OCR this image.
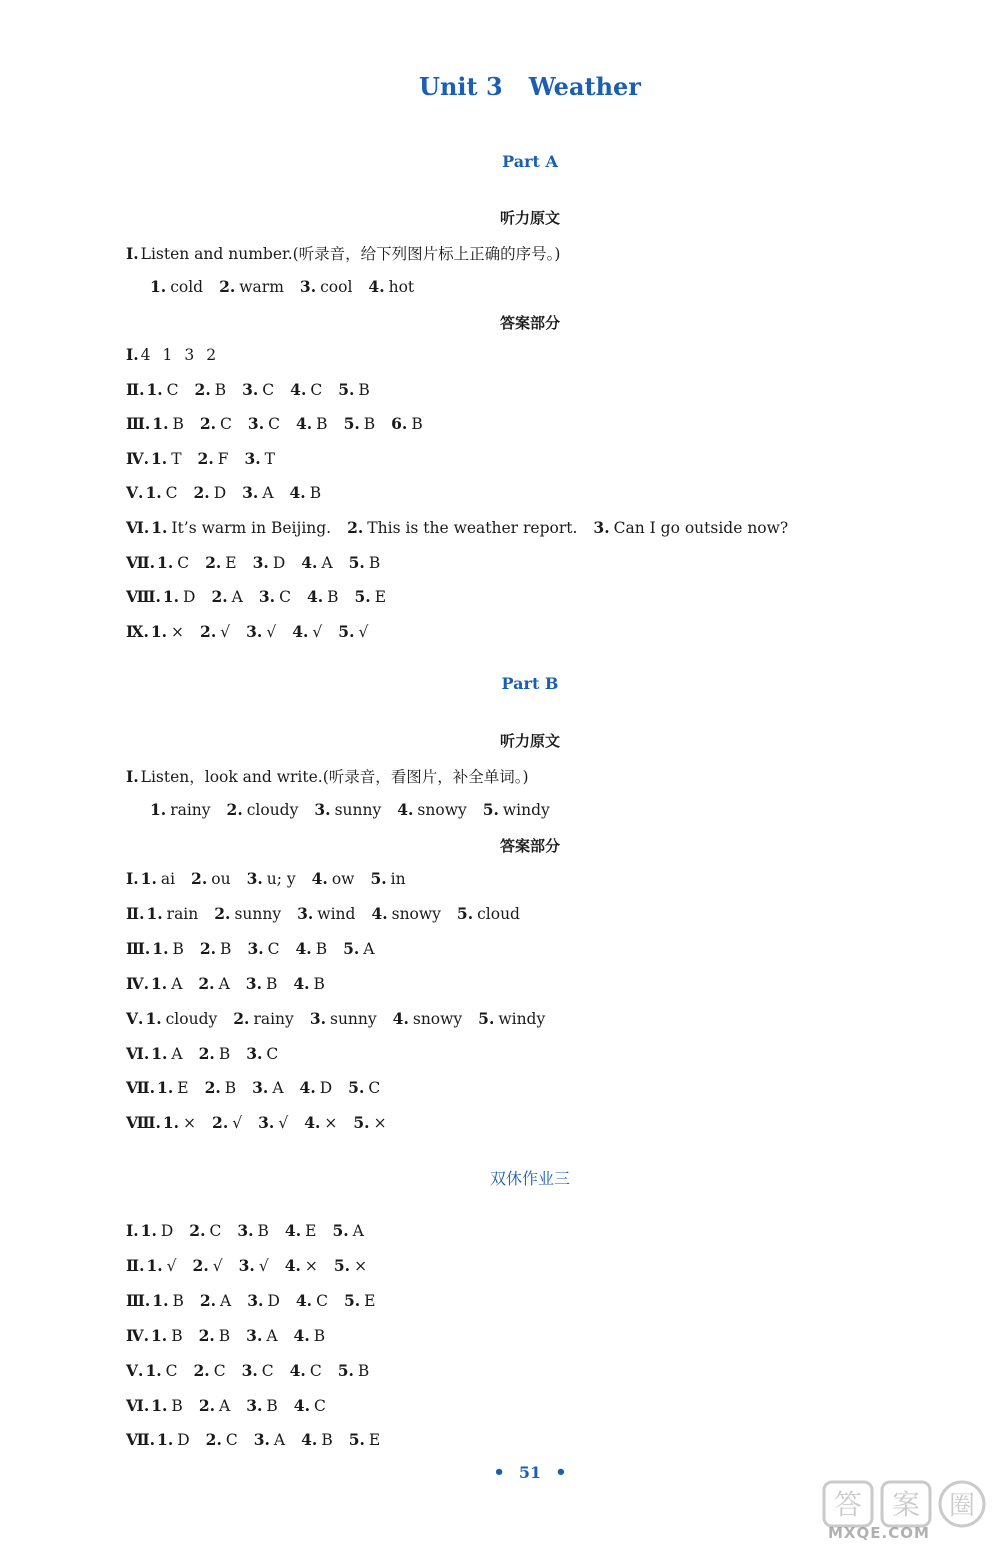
Unit 3 Weather
Part A
听力原文
Ⅰ. Listen and number.(听录音，给下列图片标上正确的序号。)
1. cold 2. warm 3. cool 4. hot
答案部分
Part B
听力原文
Ⅰ. Listen，look and write.(听录音，看图片，补全单词。)
1. rainy 2. cloudy 3. sunny 4. snowy 5. windy
答案部分
双休作业三
• 51 •
答 案 圈
MXQE.COM
Ⅰ. 4 1 3 2
Ⅱ. 1. C 2. B 3. C 4. C 5. B
Ⅲ. 1. B 2. C 3. C 4. B 5. B 6. B
Ⅳ. 1. T 2. F 3. T
Ⅴ. 1. C 2. D 3. A 4. B
Ⅵ. 1. It’s warm in Beijing. 2. This is the weather report. 3. Can I go outside now?
Ⅶ. 1. C 2. E 3. D 4. A 5. B
Ⅷ. 1. D 2. A 3. C 4. B 5. E
Ⅸ. 1. × 2. √ 3. √ 4. √ 5. √
Ⅰ. 1. ai 2. ou 3. u; y 4. ow 5. in
Ⅱ. 1. rain 2. sunny 3. wind 4. snowy 5. cloud
Ⅲ. 1. B 2. B 3. C 4. B 5. A
Ⅳ. 1. A 2. A 3. B 4. B
Ⅴ. 1. cloudy 2. rainy 3. sunny 4. snowy 5. windy
Ⅵ. 1. A 2. B 3. C
Ⅶ. 1. E 2. B 3. A 4. D 5. C
Ⅷ. 1. × 2. √ 3. √ 4. × 5. ×
Ⅰ. 1. D 2. C 3. B 4. E 5. A
Ⅱ. 1. √ 2. √ 3. √ 4. × 5. ×
Ⅲ. 1. B 2. A 3. D 4. C 5. E
Ⅳ. 1. B 2. B 3. A 4. B
Ⅴ. 1. C 2. C 3. C 4. C 5. B
Ⅵ. 1. B 2. A 3. B 4. C
Ⅶ. 1. D 2. C 3. A 4. B 5. E
